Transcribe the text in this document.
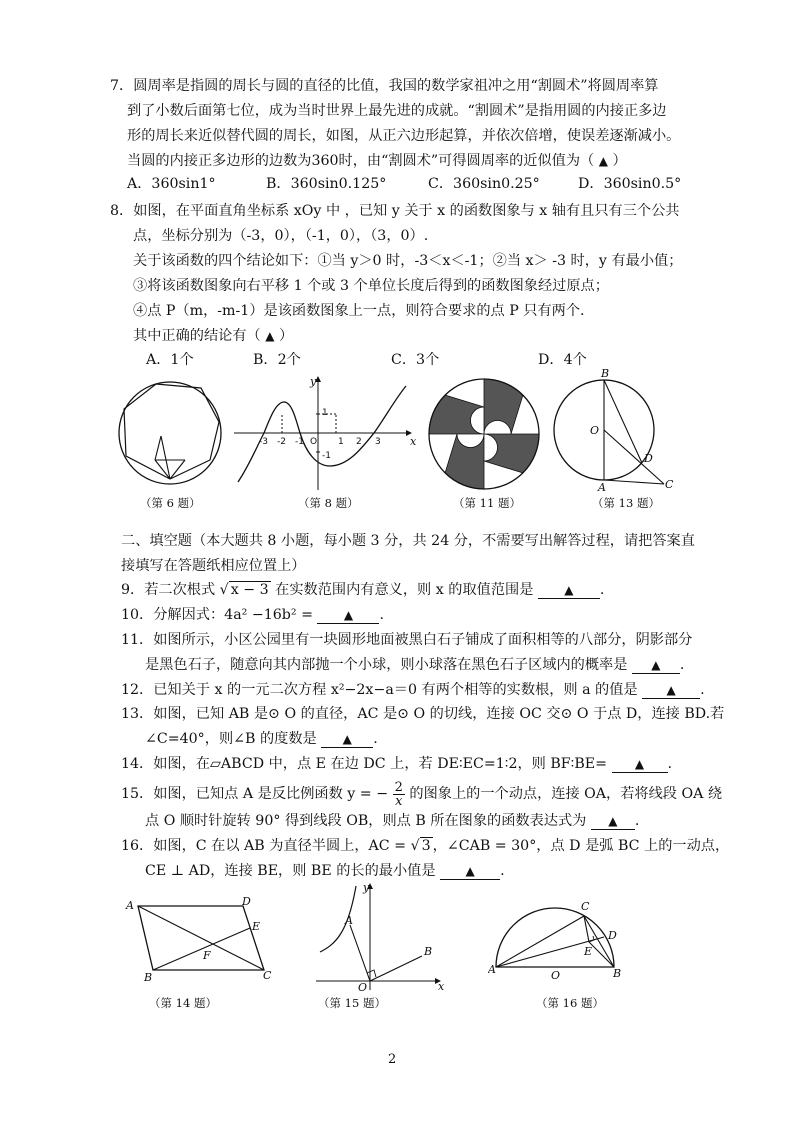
7．圆周率是指圆的周长与圆的直径的比值，我国的数学家祖冲之用“割圆术”将圆周率算
到了小数后面第七位，成为当时世界上最先进的成就。“割圆术”是指用圆的内接正多边
形的周长来近似替代圆的周长，如图，从正六边形起算，并依次倍增，使误差逐渐减小。
当圆的内接正多边形的边数为360时，由“割圆术”可得圆周率的近似值为（ ▲ ）
A．360sin1°	B．360sin0.125°	C．360sin0.25°	D．360sin0.5°
8．如图，在平面直角坐标系 xOy 中 ，已知 y 关于 x 的函数图象与 x 轴有且只有三个公共
点，坐标分别为（-3，0），（-1，0），（3，0）.
关于该函数的四个结论如下：①当 y＞0 时，-3＜x＜-1；②当 x＞ -3 时，y 有最小值；
③将该函数图象向右平移 1 个或 3 个单位长度后得到的函数图象经过原点；
④点 P（m，-m-1）是该函数图象上一点，则符合要求的点 P 只有两个.
其中正确的结论有（ ▲ ）
A．1个	B．2个	C．3个	D．4个
（第 6 题）
y
x
O
-3 -2 -1	1 2 3
1
-1
（第 8 题）	（第 11 题）
B
O
D
A	C
（第 13 题）
二、填空题（本大题共 8 小题，每小题 3 分，共 24 分，不需要写出解答过程，请把答案直
接填写在答题纸相应位置上）
9．若二次根式 √ x − 3 在实数范围内有意义，则 x 的取值范围是	▲ .
10．分解因式：4a² −16b² =	▲ .
11．如图所示，小区公园里有一块圆形地面被黑白石子铺成了面积相等的八部分，阴影部分
是黑色石子，随意向其内部抛一个小球，则小球落在黑色石子区域内的概率是 ▲ .
12．已知关于 x 的一元二次方程 x²−2x−a＝0 有两个相等的实数根，则 a 的值是 ▲ .
13．如图，已知 AB 是⊙ O 的直径，AC 是⊙ O 的切线，连接 OC 交⊙ O 于点 D，连接 BD.若
∠C=40°，则∠B 的度数是 ▲ .
14．如图，在▱ABCD 中，点 E 在边 DC 上，若 DE∶EC=1∶2，则 BF∶BE= ▲ .
15．如图，已知点 A 是反比例函数 y = − $\frac{2}{x}$ 的图象上的一个动点，连接 OA，若将线段 OA 绕
点 O 顺时针旋转 90° 得到线段 OB，则点 B 所在图象的函数表达式为 ▲ .
16．如图，C 在以 AB 为直径半圆上，AC = √ 3 ，∠CAB = 30°，点 D 是弧 BC 上的一动点，
CE ⊥ AD，连接 BE，则 BE 的长的最小值是 ▲ .
A	D
E
F
B	C
（第 14 题）
y
A
B
O	x
（第 15 题）
C
D
E
A	O	B
（第 16 题）
2
